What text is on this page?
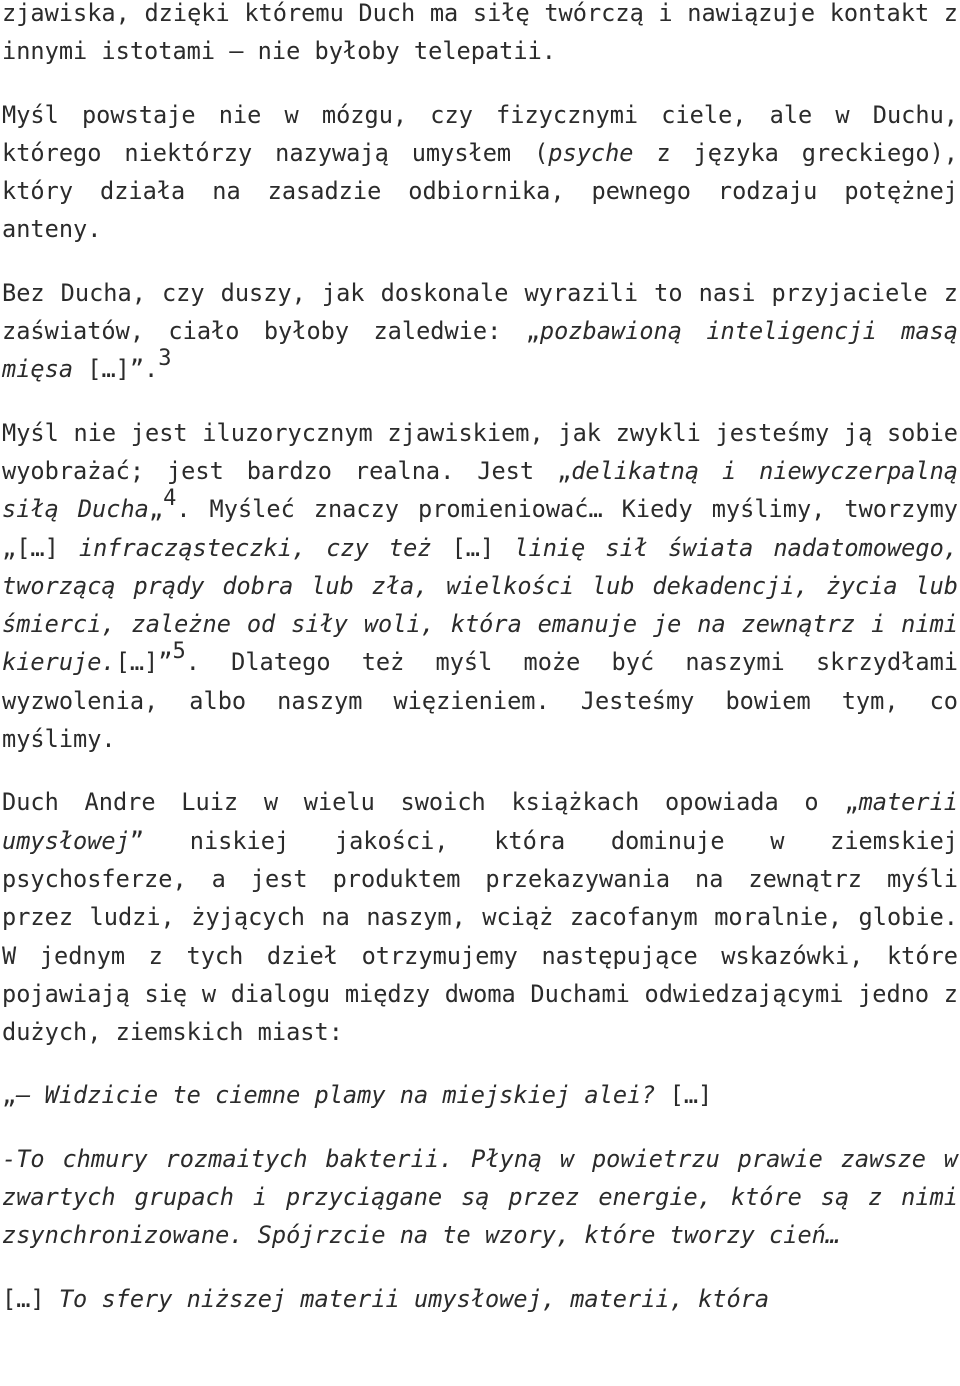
zjawiska, dzięki któremu Duch ma siłę twórczą i nawiązuje kontakt z innymi istotami – nie byłoby telepatii.

Myśl powstaje nie w mózgu, czy fizycznymi ciele, ale w Duchu, którego niektórzy nazywają umysłem (psyche z języka greckiego), który działa na zasadzie odbiornika, pewnego rodzaju potężnej anteny.

Bez Ducha, czy duszy, jak doskonale wyrazili to nasi przyjaciele z zaświatów, ciało byłoby zaledwie: „pozbawioną inteligencji masą mięsa […]”.$^3$

Myśl nie jest iluzorycznym zjawiskiem, jak zwykli jesteśmy ją sobie wyobrażać; jest bardzo realna. Jest „delikatną i niewyczerpalną siłą Ducha„$^4$. Myśleć znaczy promieniować… Kiedy myślimy, tworzymy „[…] infracząsteczki, czy też […] linię sił świata nadatomowego, tworzącą prądy dobra lub zła, wielkości lub dekadencji, życia lub śmierci, zależne od siły woli, która emanuje je na zewnątrz i nimi kieruje.[…]”$^5$. Dlatego też myśl może być naszymi skrzydłami wyzwolenia, albo naszym więzieniem. Jesteśmy bowiem tym, co myślimy.

Duch Andre Luiz w wielu swoich książkach opowiada o „materii umysłowej” niskiej jakości, która dominuje w ziemskiej psychosferze, a jest produktem przekazywania na zewnątrz myśli przez ludzi, żyjących na naszym, wciąż zacofanym moralnie, globie. W jednym z tych dzieł otrzymujemy następujące wskazówki, które pojawiają się w dialogu między dwoma Duchami odwiedzającymi jedno z dużych, ziemskich miast:

„– Widzicie te ciemne plamy na miejskiej alei? […]

-To chmury rozmaitych bakterii. Płyną w powietrzu prawie zawsze w zwartych grupach i przyciągane są przez energie, które są z nimi zsynchronizowane. Spójrzcie na te wzory, które tworzy cień…

[…] To sfery niższej materii umysłowej, materii, która
